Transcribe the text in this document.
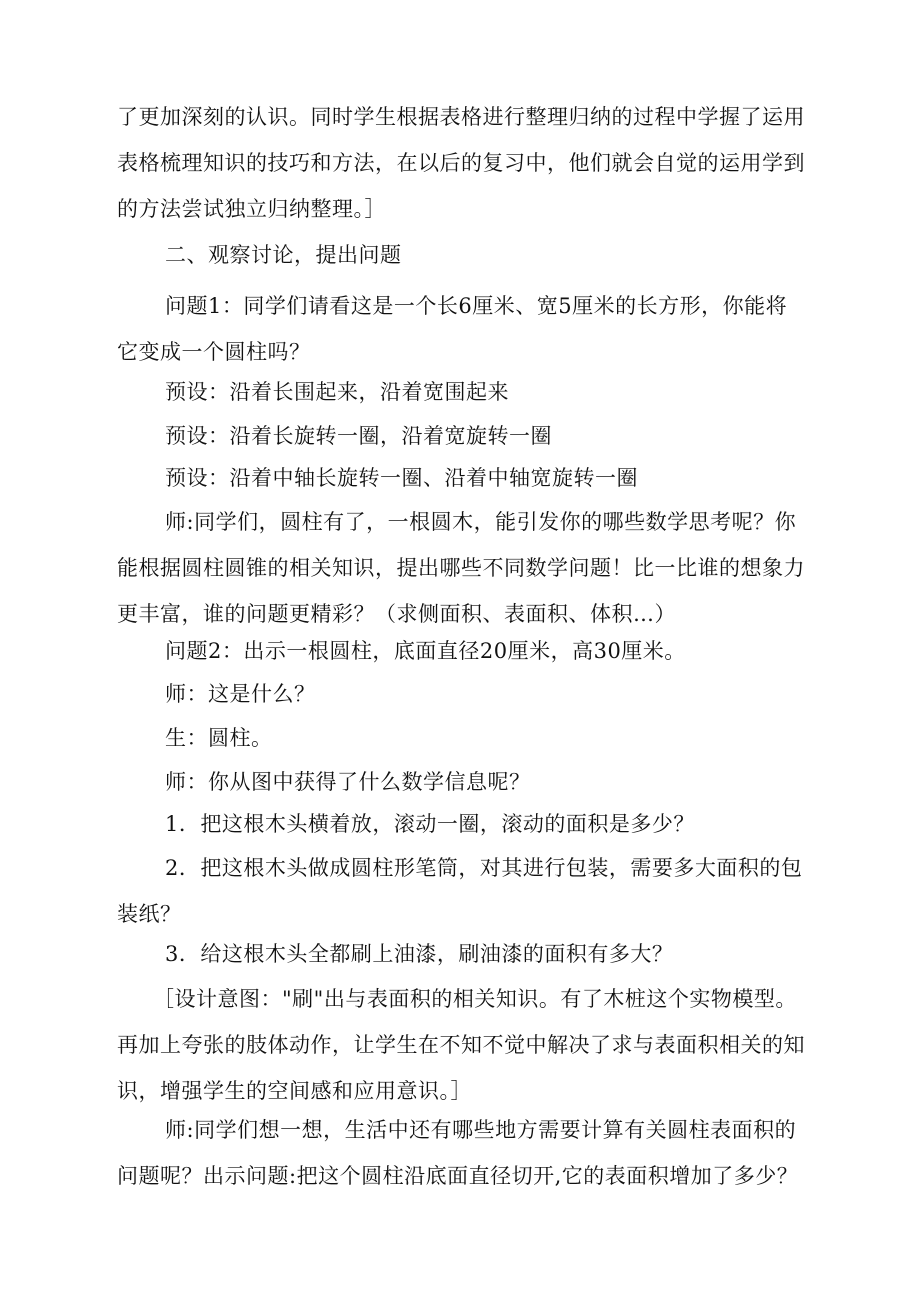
了更加深刻的认识。同时学生根据表格进行整理归纳的过程中学握了运用表格梳理知识的技巧和方法，在以后的复习中，他们就会自觉的运用学到的方法尝试独立归纳整理。］

二、观察讨论，提出问题

问题1：同学们请看这是一个长6厘米、宽5厘米的长方形，你能将它变成一个圆柱吗？

预设：沿着长围起来，沿着宽围起来

预设：沿着长旋转一圈，沿着宽旋转一圈

预设：沿着中轴长旋转一圈、沿着中轴宽旋转一圈

师:同学们，圆柱有了，一根圆木，能引发你的哪些数学思考呢？你能根据圆柱圆锥的相关知识，提出哪些不同数学问题！比一比谁的想象力更丰富，谁的问题更精彩？（求侧面积、表面积、体积…）

问题2：出示一根圆柱，底面直径20厘米，高30厘米。

师：这是什么？

生：圆柱。

师：你从图中获得了什么数学信息呢？

1．把这根木头横着放，滚动一圈，滚动的面积是多少？

2．把这根木头做成圆柱形笔筒，对其进行包装，需要多大面积的包装纸？

3．给这根木头全都刷上油漆，刷油漆的面积有多大？

［设计意图："刷"出与表面积的相关知识。有了木桩这个实物模型。再加上夸张的肢体动作，让学生在不知不觉中解决了求与表面积相关的知识，增强学生的空间感和应用意识。］

师:同学们想一想，生活中还有哪些地方需要计算有关圆柱表面积的问题呢？出示问题:把这个圆柱沿底面直径切开,它的表面积增加了多少？
